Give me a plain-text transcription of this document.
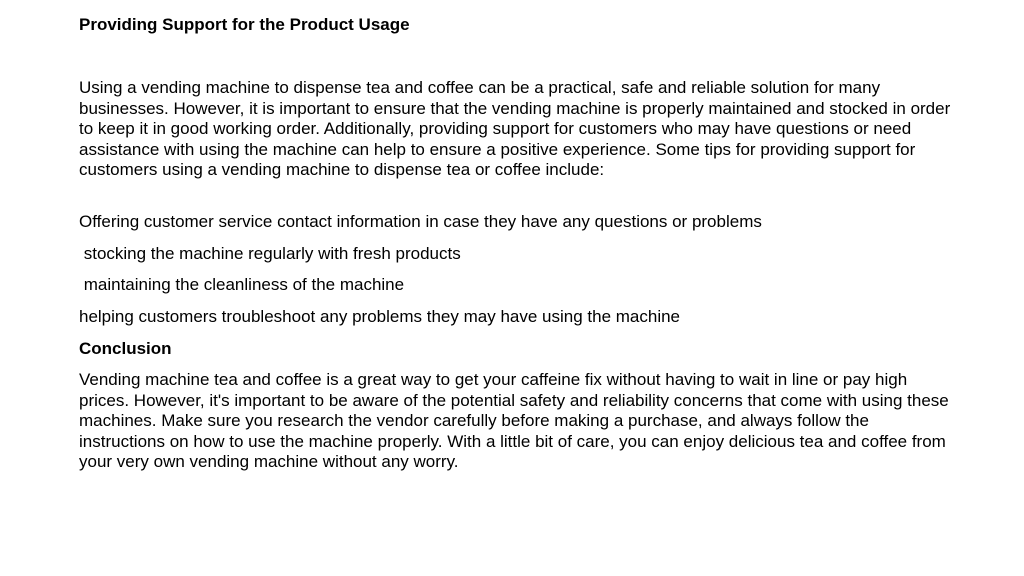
Providing Support for the Product Usage

Using a vending machine to dispense tea and coffee can be a practical, safe and reliable solution for many businesses. However, it is important to ensure that the vending machine is properly maintained and stocked in order to keep it in good working order. Additionally, providing support for customers who may have questions or need assistance with using the machine can help to ensure a positive experience. Some tips for providing support for customers using a vending machine to dispense tea or coffee include:

Offering customer service contact information in case they have any questions or problems

stocking the machine regularly with fresh products

maintaining the cleanliness of the machine

helping customers troubleshoot any problems they may have using the machine

Conclusion

Vending machine tea and coffee is a great way to get your caffeine fix without having to wait in line or pay high prices. However, it's important to be aware of the potential safety and reliability concerns that come with using these machines. Make sure you research the vendor carefully before making a purchase, and always follow the instructions on how to use the machine properly. With a little bit of care, you can enjoy delicious tea and coffee from your very own vending machine without any worry.
